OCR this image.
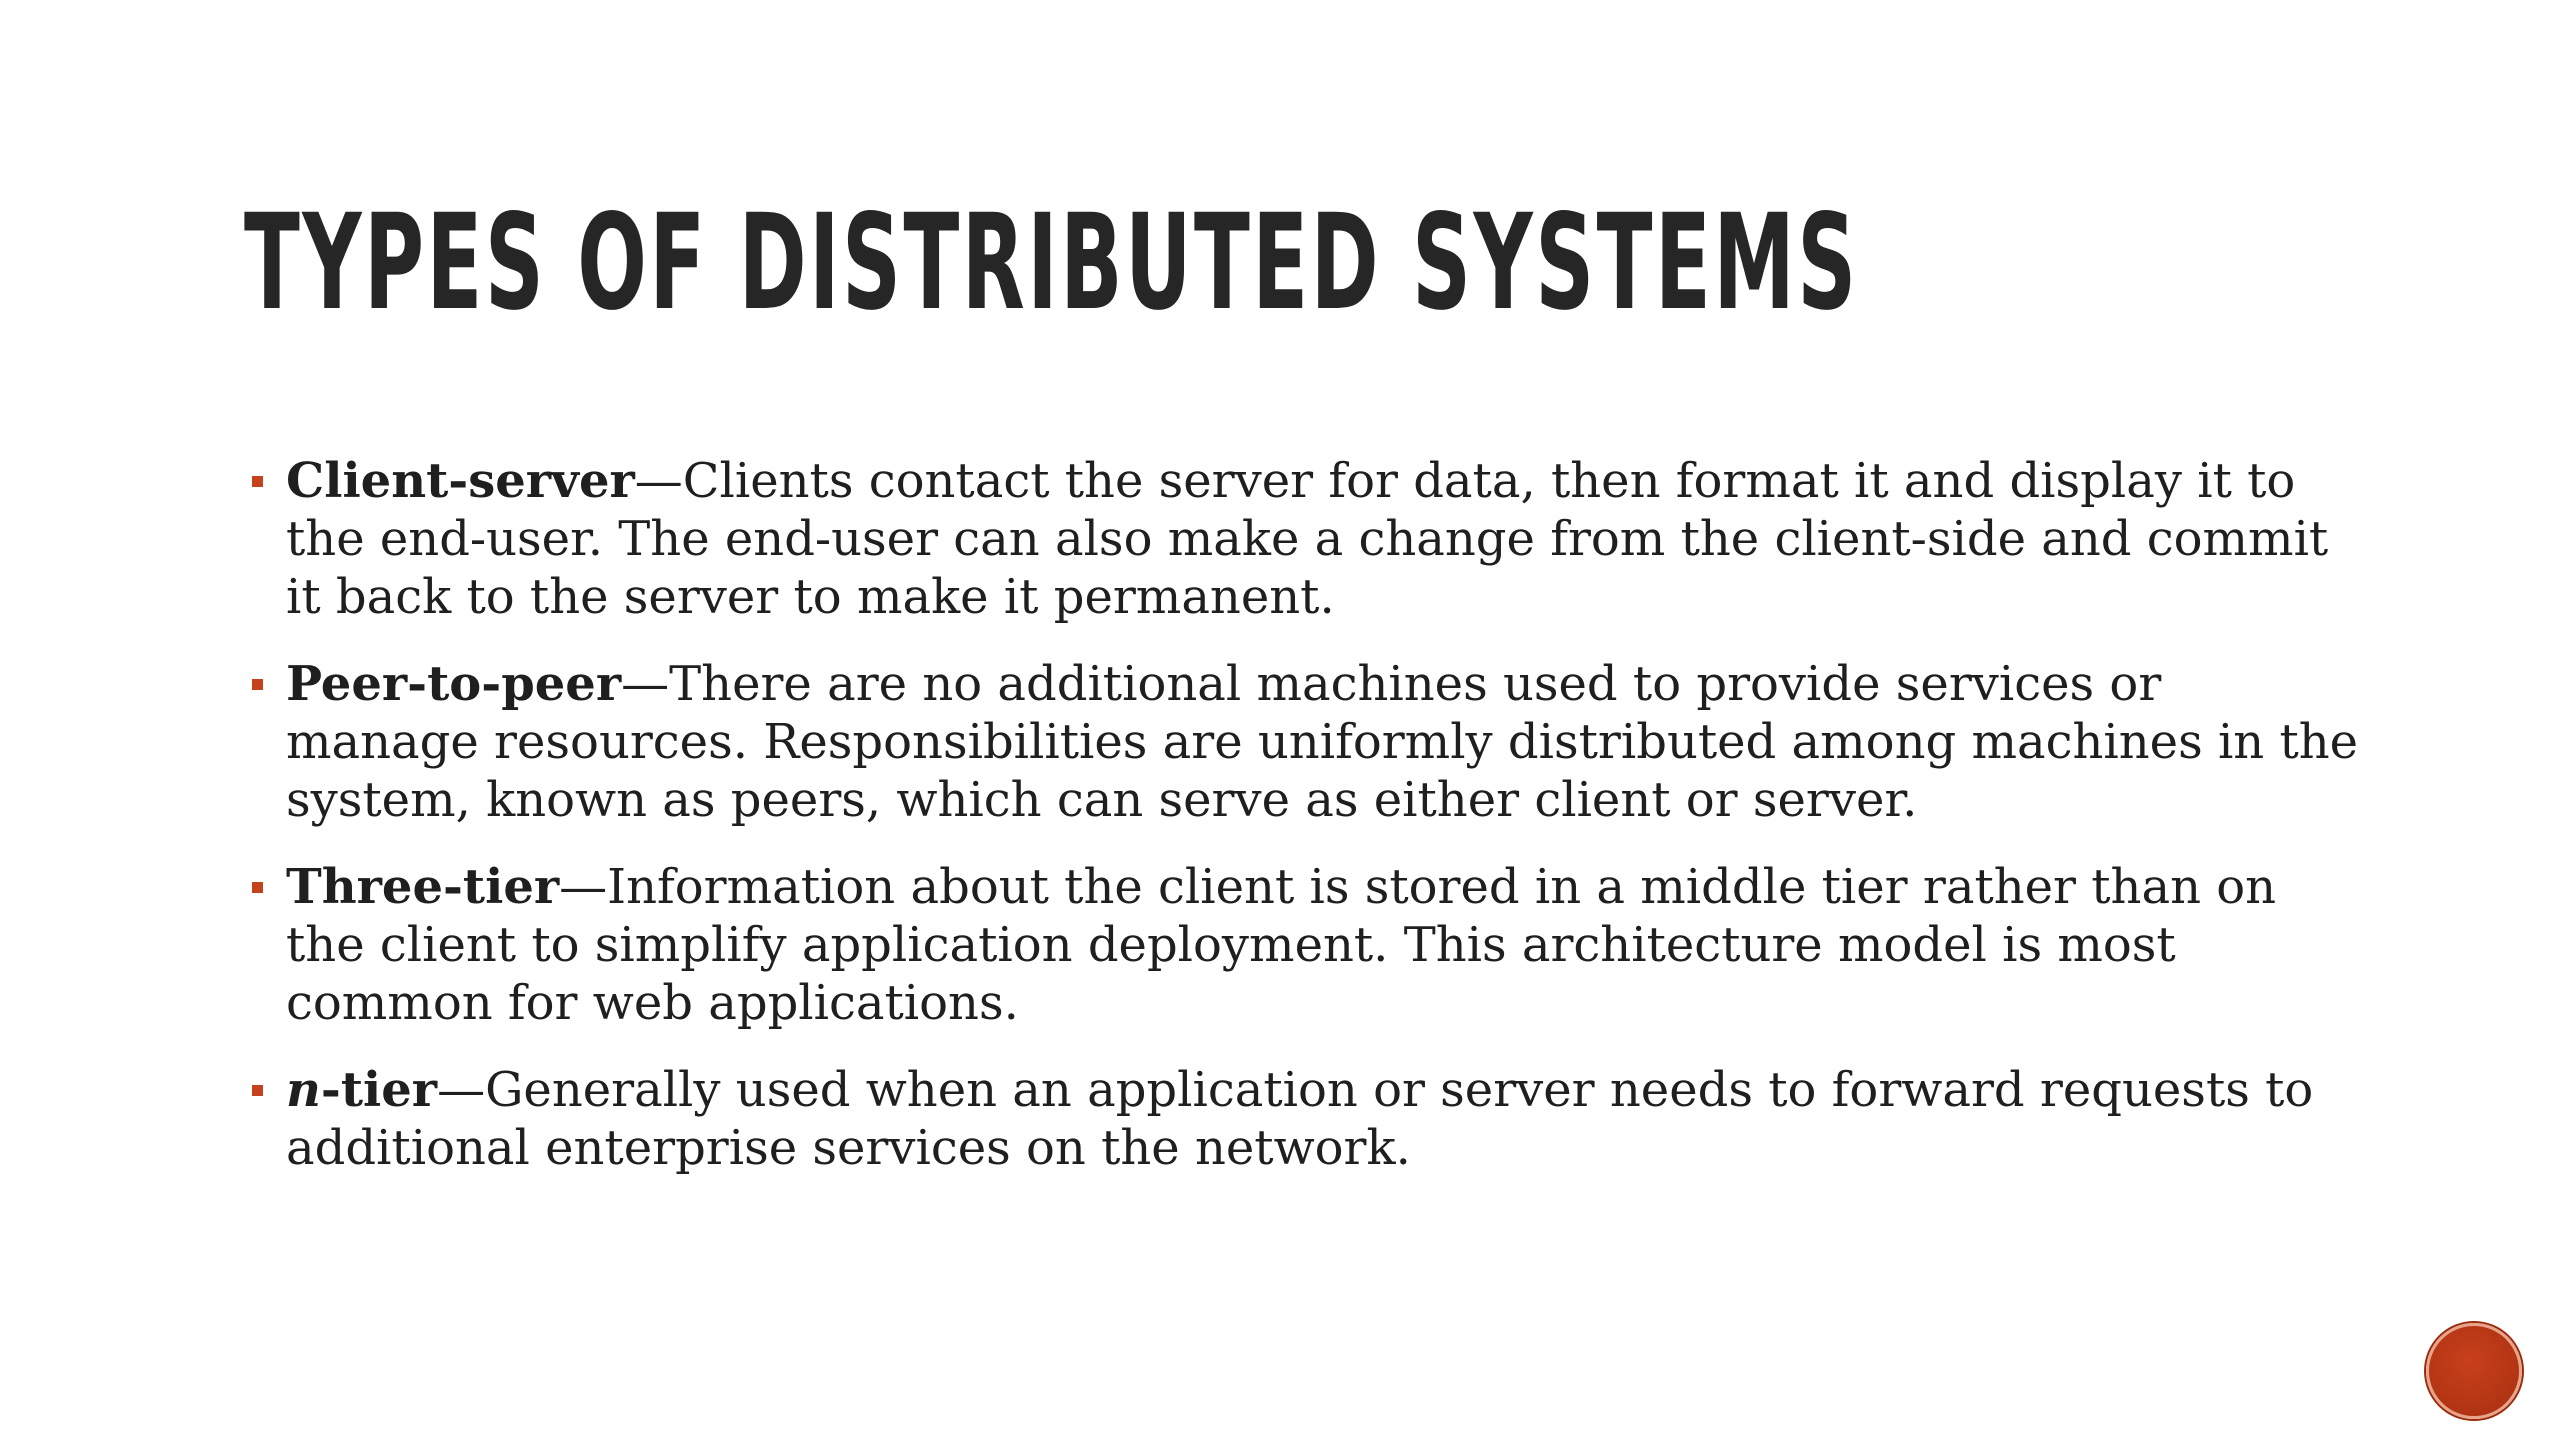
TYPES OF DISTRIBUTED SYSTEMS
Client-server—Clients contact the server for data, then format it and display it to the end-user. The end-user can also make a change from the client-side and commit it back to the server to make it permanent.
Peer-to-peer—There are no additional machines used to provide services or manage resources. Responsibilities are uniformly distributed among machines in the system, known as peers, which can serve as either client or server.
Three-tier—Information about the client is stored in a middle tier rather than on the client to simplify application deployment. This architecture model is most common for web applications.
n-tier—Generally used when an application or server needs to forward requests to additional enterprise services on the network.
